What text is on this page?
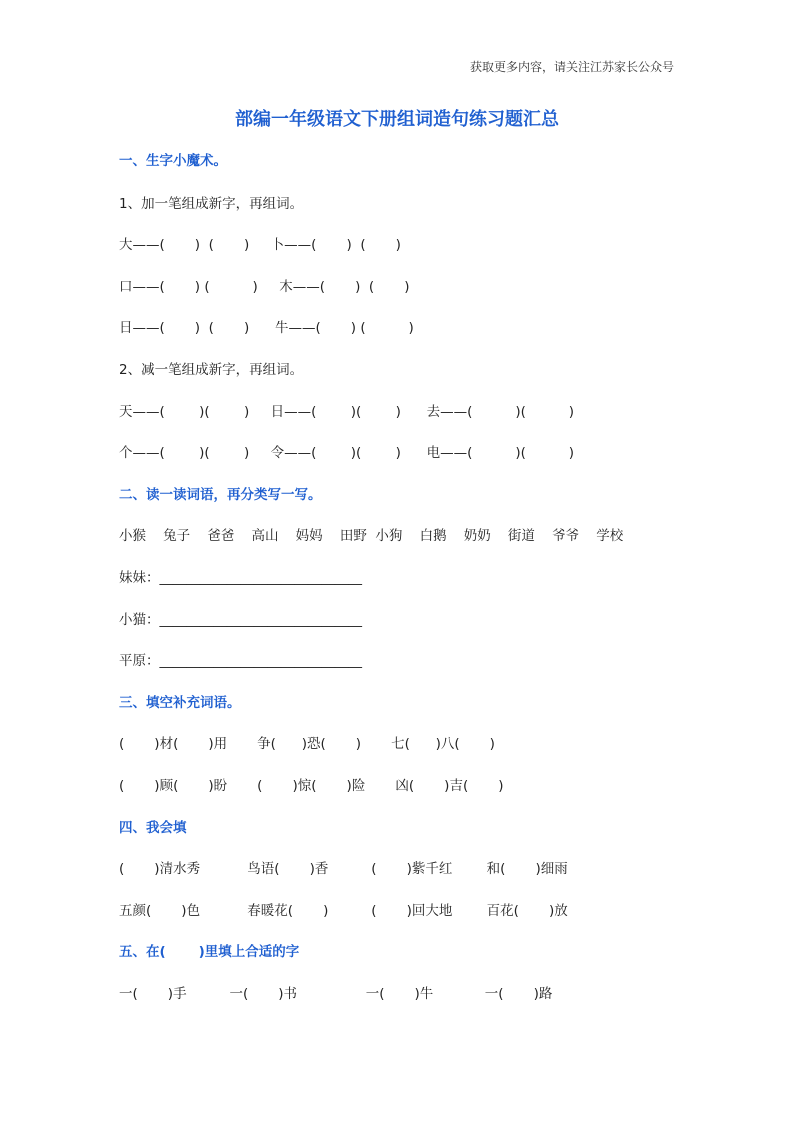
获取更多内容，请关注江苏家长公众号
部编一年级语文下册组词造句练习题汇总
一、生字小魔术。
1、加一笔组成新字，再组词。
大——(       )  (       )     卜——(       )  (       )
口——(       ) (          )     木——(       )  (       )
日——(       )  (       )      牛——(       ) (          )
2、减一笔组成新字，再组词。
天——(        )(        )     日——(        )(        )      去——(          )(          )
个——(        )(        )     令——(        )(        )      电——(          )(          )
二、读一读词语，再分类写一写。
小猴    兔子    爸爸    高山    妈妈    田野  小狗    白鹅    奶奶    街道    爷爷    学校
妹妹：______________________________
小猫：______________________________
平原：______________________________
三、填空补充词语。
(       )材(       )用       争(      )恐(       )       七(      )八(       )
(       )顾(       )盼       (       )惊(       )险       凶(       )吉(       )
四、我会填
(       )清水秀           鸟语(       )香          (       )紫千红        和(       )细雨
五颜(       )色           春暖花(       )          (       )回大地        百花(       )放
五、在(       )里填上合适的字
一(       )手          一(       )书                一(       )牛            一(       )路
